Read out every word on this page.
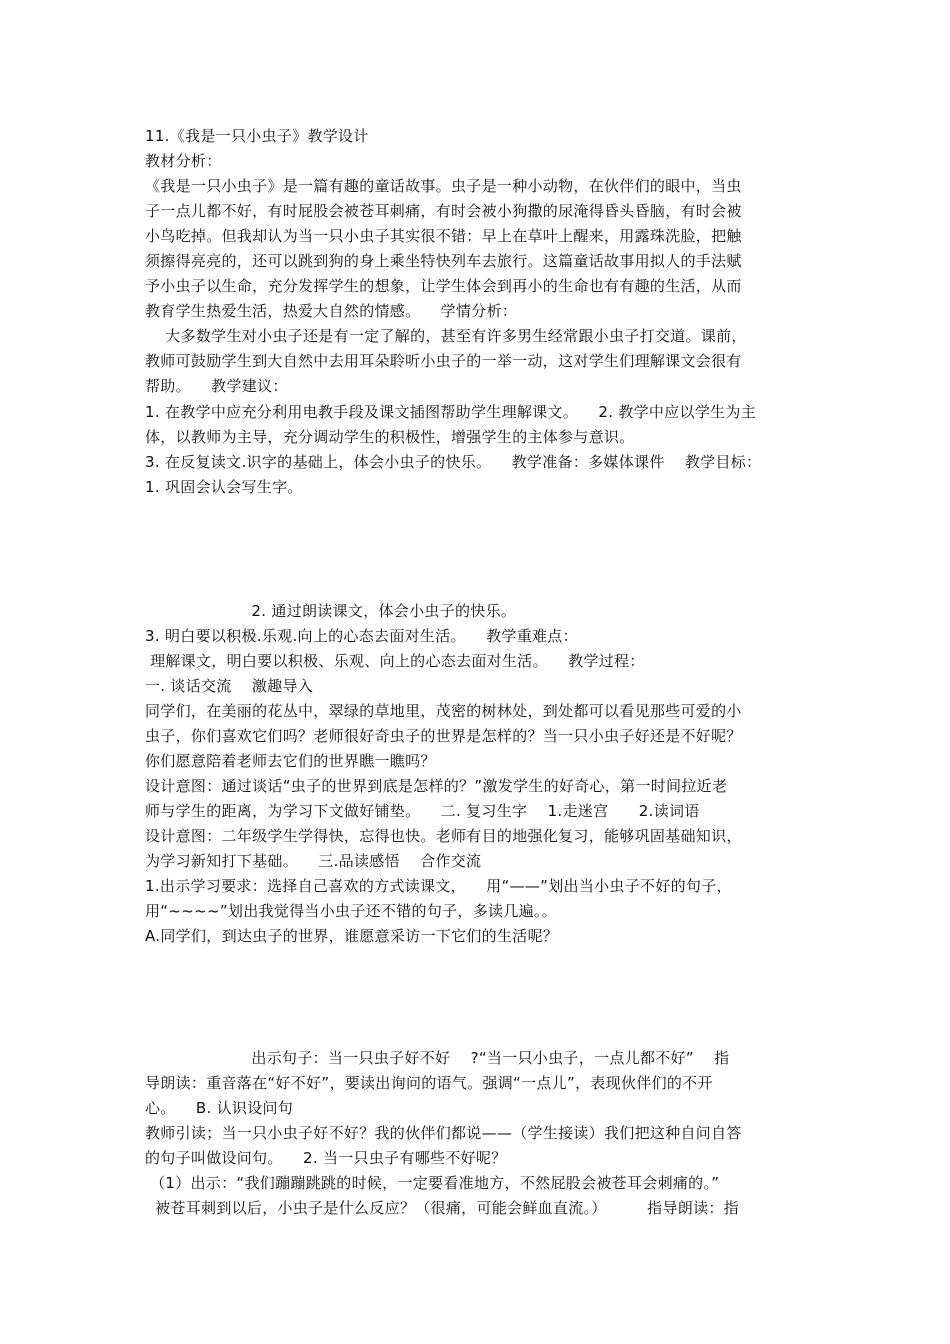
11.《我是一只小虫子》教学设计
教材分析：
《我是一只小虫子》是一篇有趣的童话故事。虫子是一种小动物，在伙伴们的眼中，当虫
子一点儿都不好，有时屁股会被苍耳刺痛，有时会被小狗撒的尿淹得昏头昏脑，有时会被
小鸟吃掉。但我却认为当一只小虫子其实很不错：早上在草叶上醒来，用露珠洗脸，把触
须擦得亮亮的，还可以跳到狗的身上乘坐特快列车去旅行。这篇童话故事用拟人的手法赋
予小虫子以生命，充分发挥学生的想象，让学生体会到再小的生命也有有趣的生活，从而
教育学生热爱生活，热爱大自然的情感。    学情分析：
大多数学生对小虫子还是有一定了解的，甚至有许多男生经常跟小虫子打交道。课前，
教师可鼓励学生到大自然中去用耳朵聆听小虫子的一举一动，这对学生们理解课文会很有
帮助。    教学建议：
1. 在教学中应充分利用电教手段及课文插图帮助学生理解课文。    2. 教学中应以学生为主
体，以教师为主导，充分调动学生的积极性，增强学生的主体参与意识。
3. 在反复读文.识字的基础上，体会小虫子的快乐。    教学准备：多媒体课件    教学目标：
1. 巩固会认会写生字。
2. 通过朗读课文，体会小虫子的快乐。
3. 明白要以积极.乐观.向上的心态去面对生活。    教学重难点：
理解课文，明白要以积极、乐观、向上的心态去面对生活。    教学过程：
一. 谈话交流    激趣导入
同学们，在美丽的花丛中，翠绿的草地里，茂密的树林处，到处都可以看见那些可爱的小
虫子，你们喜欢它们吗？老师很好奇虫子的世界是怎样的？当一只小虫子好还是不好呢？
你们愿意陪着老师去它们的世界瞧一瞧吗？
设计意图：通过谈话“虫子的世界到底是怎样的？”激发学生的好奇心，第一时间拉近老
师与学生的距离，为学习下文做好铺垫。    二. 复习生字    1.走迷宫      2.读词语
设计意图：二年级学生学得快，忘得也快。老师有目的地强化复习，能够巩固基础知识，
为学习新知打下基础。    三.品读感悟    合作交流
1.出示学习要求：选择自己喜欢的方式读课文，    用“——”划出当小虫子不好的句子，
用“~~~~”划出我觉得当小虫子还不错的句子，多读几遍。。
A.同学们，到达虫子的世界，谁愿意采访一下它们的生活呢？
出示句子：当一只虫子好不好    ?“当一只小虫子，一点儿都不好”    指
导朗读：重音落在“好不好”，要读出询问的语气。强调“一点儿”，表现伙伴们的不开
心。    B. 认识设问句
教师引读；当一只小虫子好不好？我的伙伴们都说——（学生接读）我们把这种自问自答
的句子叫做设问句。    2. 当一只虫子有哪些不好呢？
（1）出示：“我们蹦蹦跳跳的时候，一定要看准地方，不然屁股会被苍耳会刺痛的。”
被苍耳刺到以后，小虫子是什么反应？（很痛，可能会鲜血直流。）        指导朗读：指
